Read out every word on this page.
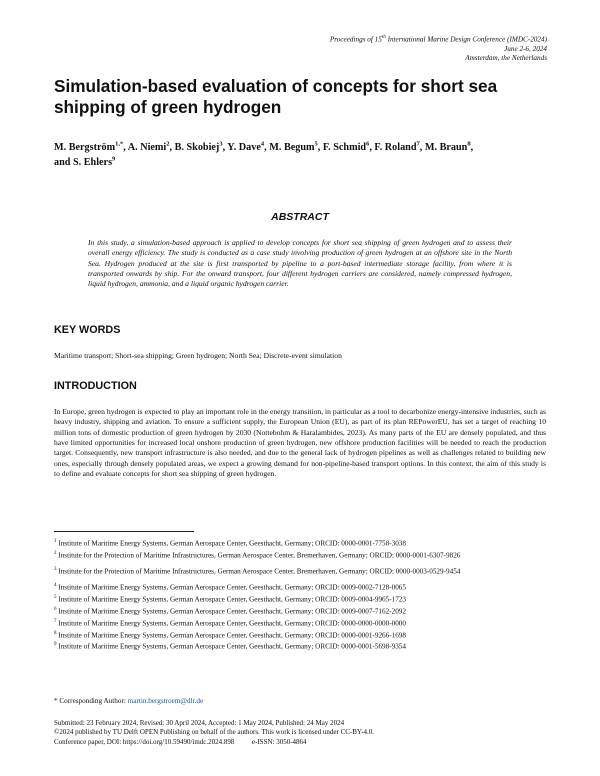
Proceedings of 15th International Marine Design Conference (IMDC-2024)
June 2-6, 2024
Amsterdam, the Netherlands
Simulation-based evaluation of concepts for short sea shipping of green hydrogen
M. Bergström$^{1,*}$, A. Niemi$^2$, B. Skobiej$^3$, Y. Dave$^4$, M. Begum$^5$, F. Schmid$^6$, F. Roland$^7$, M. Braun$^8$,
and S. Ehlers$^9$
ABSTRACT

In this study, a simulation-based approach is applied to develop concepts for short sea shipping of green hydrogen and to assess their overall energy efficiency. The study is conducted as a case study involving production of green hydrogen at an offshore site in the North Sea. Hydrogen produced at the site is first transported by pipeline to a port-based intermediate storage facility, from where it is transported onwards by ship. For the onward transport, four different hydrogen carriers are considered, namely compressed hydrogen, liquid hydrogen, ammonia, and a liquid organic hydrogen carrier.

KEY WORDS
Maritime transport; Short-sea shipping; Green hydrogen; North Sea; Discrete-event simulation
INTRODUCTION

In Europe, green hydrogen is expected to play an important role in the energy transition, in particular as a tool to decarbonize energy-intensive industries, such as heavy industry, shipping and aviation. To ensure a sufficient supply, the European Union (EU), as part of its plan REPowerEU, has set a target of reaching 10 million tons of domestic production of green hydrogen by 2030 (Nottebohm & Haralambides, 2023). As many parts of the EU are densely populated, and thus have limited opportunities for increased local onshore production of green hydrogen, new offshore production facilities will be needed to reach the production target. Consequently, new transport infrastructure is also needed, and due to the general lack of hydrogen pipelines as well as challenges related to building new ones, especially through densely populated areas, we expect a growing demand for non-pipeline-based transport options. In this context, the aim of this study is to define and evaluate concepts for short sea shipping of green hydrogen.

$^1$ Institute of Maritime Energy Systems, German Aerospace Center, Geesthacht, Germany; ORCID: 0000-0001-7758-3038

$^2$ Institute for the Protection of Maritime Infrastructures, German Aerospace Center, Bremerhaven, Germany; ORCID: 0000-0001-6307-9826

$^3$ Institute for the Protection of Maritime Infrastructures, German Aerospace Center, Bremerhaven, Germany; ORCID: 0000-0003-0529-9454

$^4$ Institute of Maritime Energy Systems, German Aerospace Center, Geesthacht, Germany; ORCID: 0009-0002-7128-0065

$^5$ Institute of Maritime Energy Systems, German Aerospace Center, Geesthacht, Germany; ORCID: 0009-0004-9965-1723

$^6$ Institute of Maritime Energy Systems, German Aerospace Center, Geesthacht, Germany; ORCID: 0009-0007-7162-2092

$^7$ Institute of Maritime Energy Systems, German Aerospace Center, Geesthacht, Germany; ORCID: 0000-0000-0000-0000

$^8$ Institute of Maritime Energy Systems, German Aerospace Center, Geesthacht, Germany; ORCID: 0000-0001-9266-1698

$^9$ Institute of Maritime Energy Systems, German Aerospace Center, Geesthacht, Germany; ORCID: 0000-0001-5698-9354

* Corresponding Author: martin.bergstroem@dlr.de

Submitted: 23 February 2024, Revised: 30 April 2024, Accepted: 1 May 2024, Published: 24 May 2024

©2024 published by TU Delft OPEN Publishing on behalf of the authors. This work is licensed under CC-BY-4.0.

Conference paper, DOI: https://doi.org/10.59490/imdc.2024.898	e-ISSN: 3050-4864
